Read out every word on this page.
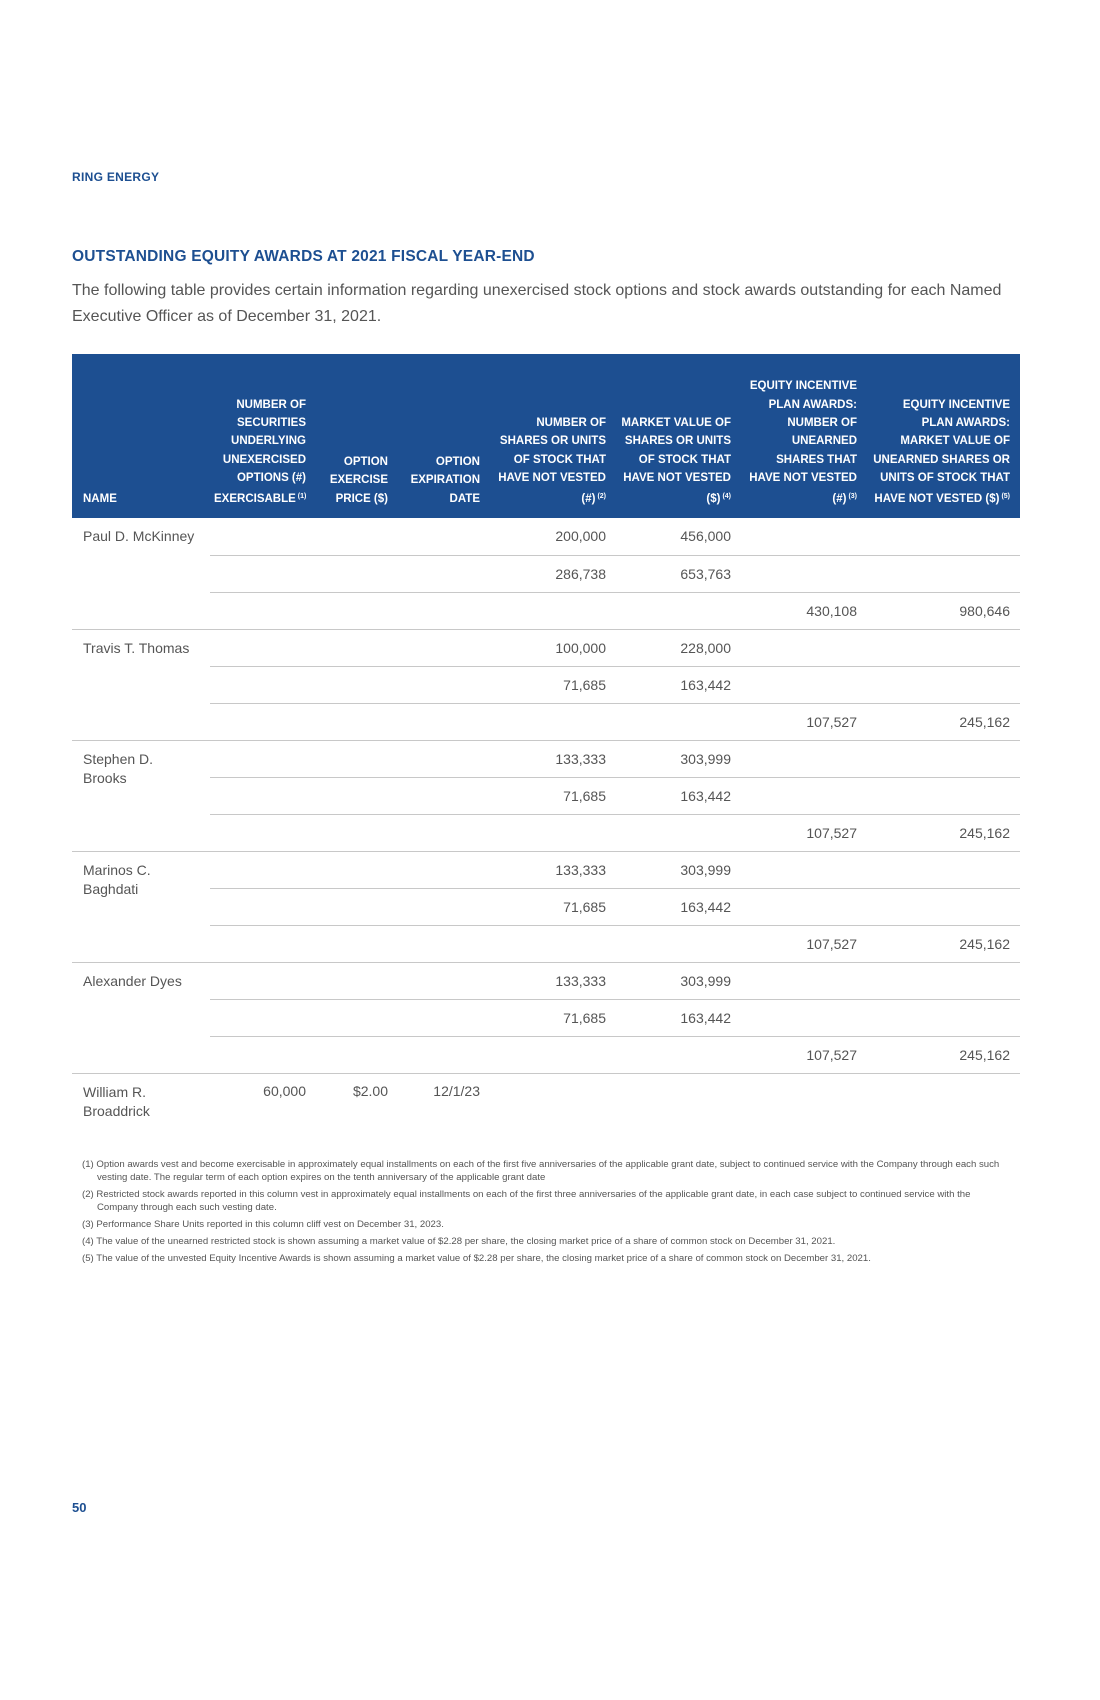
RING ENERGY
OUTSTANDING EQUITY AWARDS AT 2021 FISCAL YEAR-END
The following table provides certain information regarding unexercised stock options and stock awards outstanding for each Named Executive Officer as of December 31, 2021.
NAME	NUMBER OF SECURITIES UNDERLYING UNEXERCISED OPTIONS (#) EXERCISABLE $^{(1)}$	OPTION EXERCISE PRICE ($)	OPTION EXPIRATION DATE	NUMBER OF SHARES OR UNITS OF STOCK THAT HAVE NOT VESTED (#) $^{(2)}$	MARKET VALUE OF SHARES OR UNITS OF STOCK THAT HAVE NOT VESTED ($) $^{(4)}$	EQUITY INCENTIVE PLAN AWARDS: NUMBER OF UNEARNED SHARES THAT HAVE NOT VESTED (#) $^{(3)}$	EQUITY INCENTIVE PLAN AWARDS: MARKET VALUE OF UNEARNED SHARES OR UNITS OF STOCK THAT HAVE NOT VESTED ($) $^{(5)}$
Paul D. McKinney				200,000	456,000		
				286,738	653,763		
						430,108	980,646
Travis T. Thomas				100,000	228,000		
				71,685	163,442		
						107,527	245,162
Stephen D. Brooks				133,333	303,999		
				71,685	163,442		
						107,527	245,162
Marinos C. Baghdati				133,333	303,999		
				71,685	163,442		
						107,527	245,162
Alexander Dyes				133,333	303,999		
				71,685	163,442		
						107,527	245,162
William R. Broaddrick	60,000	$2.00	12/1/23				

(1) Option awards vest and become exercisable in approximately equal installments on each of the first five anniversaries of the applicable grant date, subject to continued service with the Company through each such vesting date. The regular term of each option expires on the tenth anniversary of the applicable grant date

(2) Restricted stock awards reported in this column vest in approximately equal installments on each of the first three anniversaries of the applicable grant date, in each case subject to continued service with the Company through each such vesting date.

(3) Performance Share Units reported in this column cliff vest on December 31, 2023.

(4) The value of the unearned restricted stock is shown assuming a market value of $2.28 per share, the closing market price of a share of common stock on December 31, 2021.

(5) The value of the unvested Equity Incentive Awards is shown assuming a market value of $2.28 per share, the closing market price of a share of common stock on December 31, 2021.

50
